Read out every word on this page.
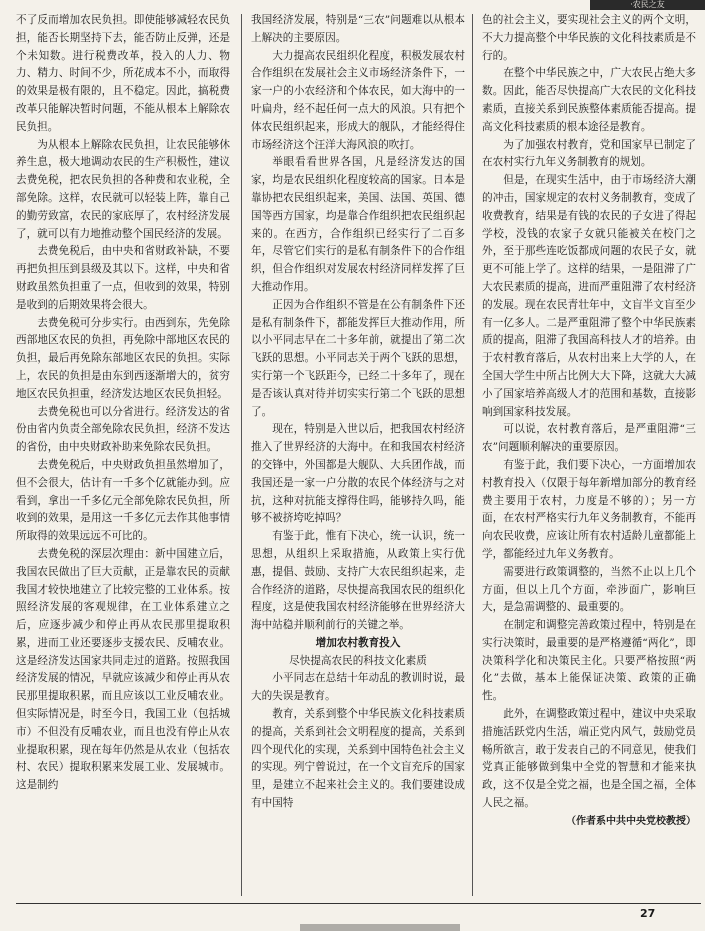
·农民之友

不了反而增加农民负担。即使能够减轻农民负担，能否长期坚持下去，能否防止反弹，还是个未知数。进行税费改革，投入的人力、物力、精力、时间不少，所花成本不小，而取得的效果是极有限的，且不稳定。因此，搞税费改革只能解决暂时问题，不能从根本上解除农民负担。

为从根本上解除农民负担，让农民能够休养生息，极大地调动农民的生产积极性，建议去费免税，把农民负担的各种费和农业税，全部免除。这样，农民就可以轻装上阵，靠自己的勤劳致富，农民的家底厚了，农村经济发展了，就可以有力地推动整个国民经济的发展。

去费免税后，由中央和省财政补缺，不要再把负担压到县级及其以下。这样，中央和省财政虽然负担重了一点，但收到的效果，特别是收到的后期效果将会很大。

去费免税可分步实行。由西到东，先免除西部地区农民的负担，再免除中部地区农民的负担，最后再免除东部地区农民的负担。实际上，农民的负担是由东到西逐渐增大的，贫穷地区农民负担重，经济发达地区农民负担轻。

去费免税也可以分省进行。经济发达的省份由省内负责全部免除农民负担，经济不发达的省份，由中央财政补助来免除农民负担。

去费免税后，中央财政负担虽然增加了，但不会很大，估计有一千多个亿就能办到。应看到，拿出一千多亿元全部免除农民负担，所收到的效果，是用这一千多亿元去作其他事情所取得的效果远远不可比的。

去费免税的深层次理由：新中国建立后，我国农民做出了巨大贡献，正是靠农民的贡献我国才较快地建立了比较完整的工业体系。按照经济发展的客观规律，在工业体系建立之后，应逐步减少和停止再从农民那里提取积累，进而工业还要逐步支援农民、反哺农业。这是经济发达国家共同走过的道路。按照我国经济发展的情况，早就应该减少和停止再从农民那里提取积累，而且应该以工业反哺农业。但实际情况是，时至今日，我国工业（包括城市）不但没有反哺农业，而且也没有停止从农业提取积累，现在每年仍然是从农业（包括农村、农民）提取积累来发展工业、发展城市。这是制约

我国经济发展，特别是“三农”问题难以从根本上解决的主要原因。

大力提高农民组织化程度，积极发展农村合作组织在发展社会主义市场经济条件下，一家一户的小农经济和个体农民，如大海中的一叶扁舟，经不起任何一点大的风浪。只有把个体农民组织起来，形成大的舰队，才能经得住市场经济这个汪洋大海风浪的吹打。

举眼看看世界各国，凡是经济发达的国家，均是农民组织化程度较高的国家。日本是靠协把农民组织起来，美国、法国、英国、德国等西方国家，均是靠合作组织把农民组织起来的。在西方，合作组织已经实行了二百多年，尽管它们实行的是私有制条件下的合作组织，但合作组织对发展农村经济同样发挥了巨大推动作用。

正因为合作组织不管是在公有制条件下还是私有制条件下，都能发挥巨大推动作用，所以小平同志早在二十多年前，就提出了第二次飞跃的思想。小平同志关于两个飞跃的思想，实行第一个飞跃距今，已经二十多年了，现在是否该认真对待并切实实行第二个飞跃的思想了。

现在，特别是入世以后，把我国农村经济推入了世界经济的大海中。在和我国农村经济的交锋中，外国都是大舰队、大兵团作战，而我国还是一家一户分散的农民个体经济与之对抗，这种对抗能支撑得住吗，能够持久吗，能够不被挤垮吃掉吗？

有鉴于此，惟有下决心，统一认识，统一思想，从组织上采取措施，从政策上实行优惠，提倡、鼓励、支持广大农民组织起来，走合作经济的道路，尽快提高我国农民的组织化程度，这是使我国农村经济能够在世界经济大海中站稳并顺利前行的关键之举。

增加农村教育投入

尽快提高农民的科技文化素质

小平同志在总结十年动乱的教训时说，最大的失误是教育。

教育，关系到整个中华民族文化科技素质的提高，关系到社会文明程度的提高，关系到四个现代化的实现，关系到中国特色社会主义的实现。列宁曾说过，在一个文盲充斥的国家里，是建立不起来社会主义的。我们要建设成有中国特

色的社会主义，要实现社会主义的两个文明，不大力提高整个中华民族的文化科技素质是不行的。

在整个中华民族之中，广大农民占绝大多数。因此，能否尽快提高广大农民的文化科技素质，直接关系到民族整体素质能否提高。提高文化科技素质的根本途径是教育。

为了加强农村教育，党和国家早已制定了在农村实行九年义务制教育的规划。

但是，在现实生活中，由于市场经济大潮的冲击，国家规定的农村义务制教育，变成了收费教育，结果是有钱的农民的子女进了得起学校，没钱的农家子女就只能被关在校门之外，至于那些连吃饭都成问题的农民子女，就更不可能上学了。这样的结果，一是阻滞了广大农民素质的提高，进而严重阻滞了农村经济的发展。现在农民青壮年中，文盲半文盲至少有一亿多人。二是严重阻滞了整个中华民族素质的提高，阻滞了我国高科技人才的培养。由于农村教育落后，从农村出来上大学的人，在全国大学生中所占比例大大下降，这就大大减小了国家培养高级人才的范围和基数，直接影响到国家科技发展。

可以说，农村教育落后，是严重阻滞“三农”问题顺利解决的重要原因。

有鉴于此，我们要下决心，一方面增加农村教育投入（仅限于每年新增加部分的教育经费主要用于农村，力度是不够的）；另一方面，在农村严格实行九年义务制教育，不能再向农民收费，应该让所有农村适龄儿童都能上学，都能经过九年义务教育。

需要进行政策调整的，当然不止以上几个方面，但以上几个方面，牵涉面广，影响巨大，是急需调整的、最重要的。

在制定和调整完善政策过程中，特别是在实行决策时，最重要的是严格遵循“两化”，即决策科学化和决策民主化。只要严格按照“两化”去做，基本上能保证决策、政策的正确性。

此外，在调整政策过程中，建议中央采取措施活跃党内生活，端正党内风气，鼓励党员畅所欲言，敢于发表自己的不同意见，使我们党真正能够做到集中全党的智慧和才能来执政，这不仅是全党之福，也是全国之福，全体人民之福。

（作者系中共中央党校教授）

27
